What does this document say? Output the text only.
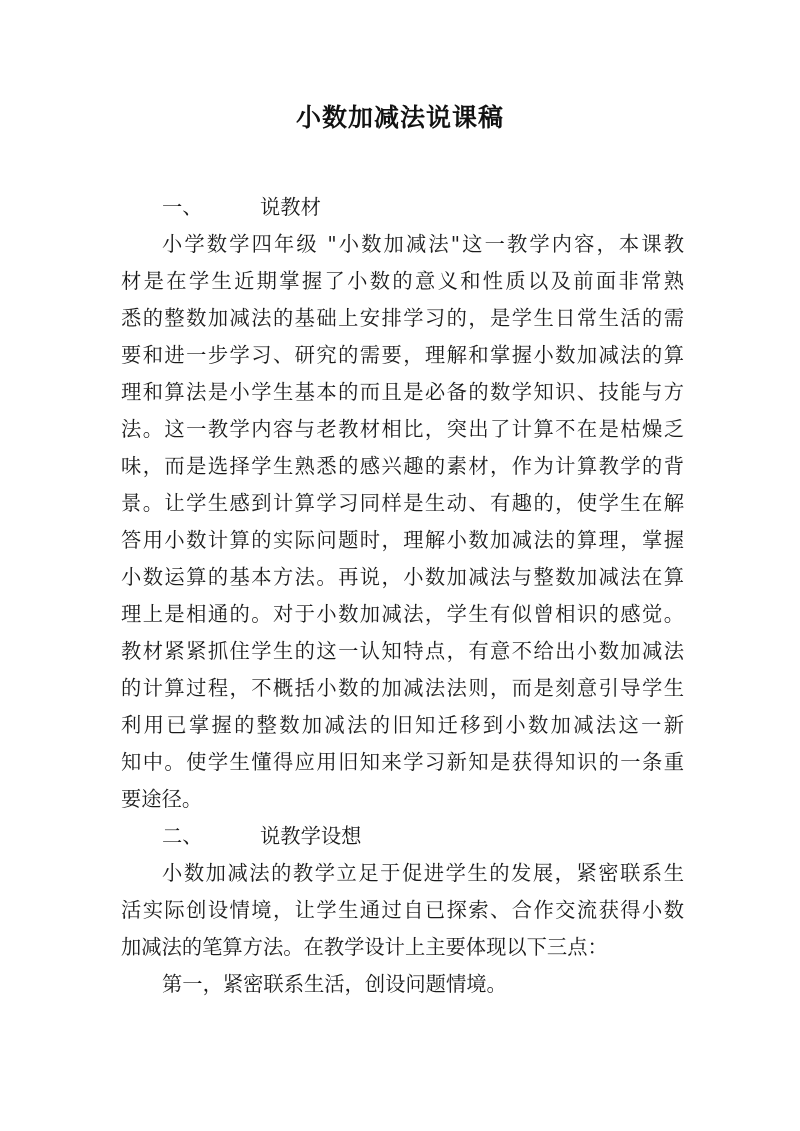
小数加减法说课稿
一、	说教材
小学数学四年级 "小数加减法"这一教学内容，本课教
材是在学生近期掌握了小数的意义和性质以及前面非常熟
悉的整数加减法的基础上安排学习的，是学生日常生活的需
要和进一步学习、研究的需要，理解和掌握小数加减法的算
理和算法是小学生基本的而且是必备的数学知识、技能与方
法。这一教学内容与老教材相比，突出了计算不在是枯燥乏
味，而是选择学生熟悉的感兴趣的素材，作为计算教学的背
景。让学生感到计算学习同样是生动、有趣的，使学生在解
答用小数计算的实际问题时，理解小数加减法的算理，掌握
小数运算的基本方法。再说，小数加减法与整数加减法在算
理上是相通的。对于小数加减法，学生有似曾相识的感觉。
教材紧紧抓住学生的这一认知特点，有意不给出小数加减法
的计算过程，不概括小数的加减法法则，而是刻意引导学生
利用已掌握的整数加减法的旧知迁移到小数加减法这一新
知中。使学生懂得应用旧知来学习新知是获得知识的一条重
要途径。
二、	说教学设想
小数加减法的教学立足于促进学生的发展，紧密联系生
活实际创设情境，让学生通过自已探索、合作交流获得小数
加减法的笔算方法。在教学设计上主要体现以下三点：
第一，紧密联系生活，创设问题情境。
